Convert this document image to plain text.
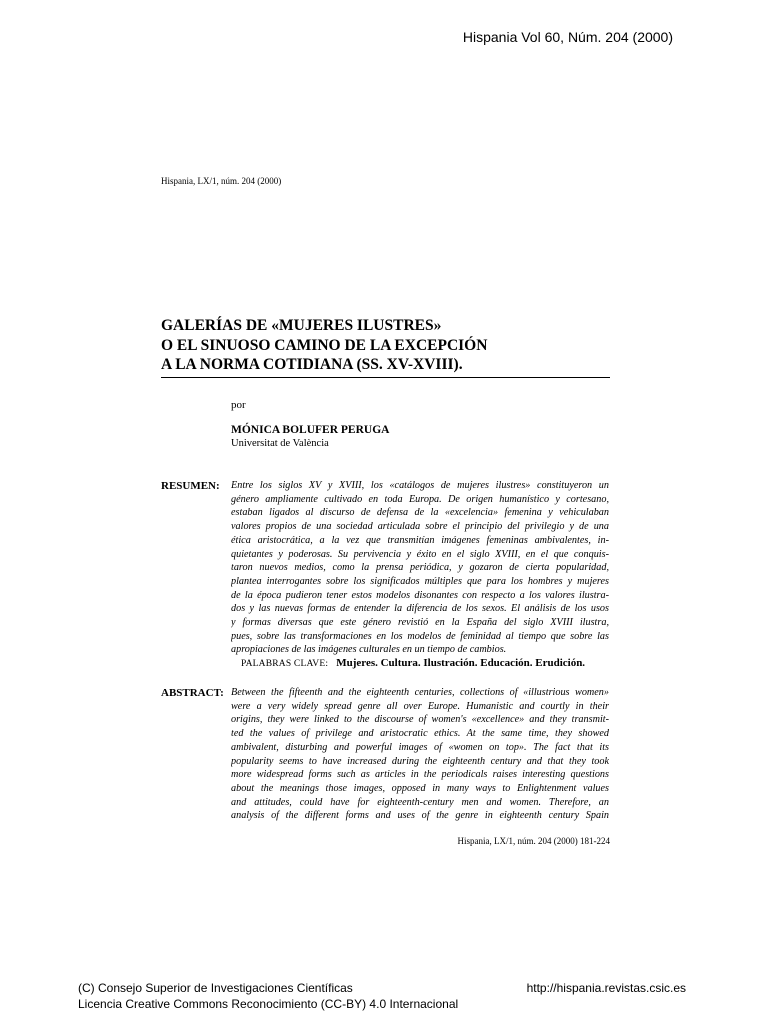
Hispania Vol 60, Núm. 204 (2000)
Hispania, LX/1, núm. 204 (2000)
GALERÍAS DE «MUJERES ILUSTRES»
O EL SINUOSO CAMINO DE LA EXCEPCIÓN
A LA NORMA COTIDIANA (SS. XV-XVIII).
por
MÓNICA BOLUFER PERUGA
Universitat de València
RESUMEN: Entre los siglos XV y XVIII, los «catálogos de mujeres ilustres» constituyeron un
género ampliamente cultivado en toda Europa. De origen humanístico y cortesano,
estaban ligados al discurso de defensa de la «excelencia» femenina y vehiculaban
valores propios de una sociedad articulada sobre el principio del privilegio y de una
ética aristocrática, a la vez que transmitían imágenes femeninas ambivalentes, in-
quietantes y poderosas. Su pervivencia y éxito en el siglo XVIII, en el que conquis-
taron nuevos medios, como la prensa periódica, y gozaron de cierta popularidad,
plantea interrogantes sobre los significados múltiples que para los hombres y mujeres
de la época pudieron tener estos modelos disonantes con respecto a los valores ilustra-
dos y las nuevas formas de entender la diferencia de los sexos. El análisis de los usos
y formas diversas que este género revistió en la España del siglo XVIII ilustra,
pues, sobre las transformaciones en los modelos de feminidad al tiempo que sobre las
apropiaciones de las imágenes culturales en un tiempo de cambios.
PALABRAS CLAVE: Mujeres. Cultura. Ilustración. Educación. Erudición.
ABSTRACT: Between the fifteenth and the eighteenth centuries, collections of «illustrious women»
were a very widely spread genre all over Europe. Humanistic and courtly in their
origins, they were linked to the discourse of women's «excellence» and they transmit-
ted the values of privilege and aristocratic ethics. At the same time, they showed
ambivalent, disturbing and powerful images of «women on top». The fact that its
popularity seems to have increased during the eighteenth century and that they took
more widespread forms such as articles in the periodicals raises interesting questions
about the meanings those images, opposed in many ways to Enlightenment values
and attitudes, could have for eighteenth-century men and women. Therefore, an
analysis of the different forms and uses of the genre in eighteenth century Spain
Hispania, LX/1, núm. 204 (2000) 181-224
(C) Consejo Superior de Investigaciones Científicas
Licencia Creative Commons Reconocimiento (CC-BY) 4.0 Internacional
http://hispania.revistas.csic.es
